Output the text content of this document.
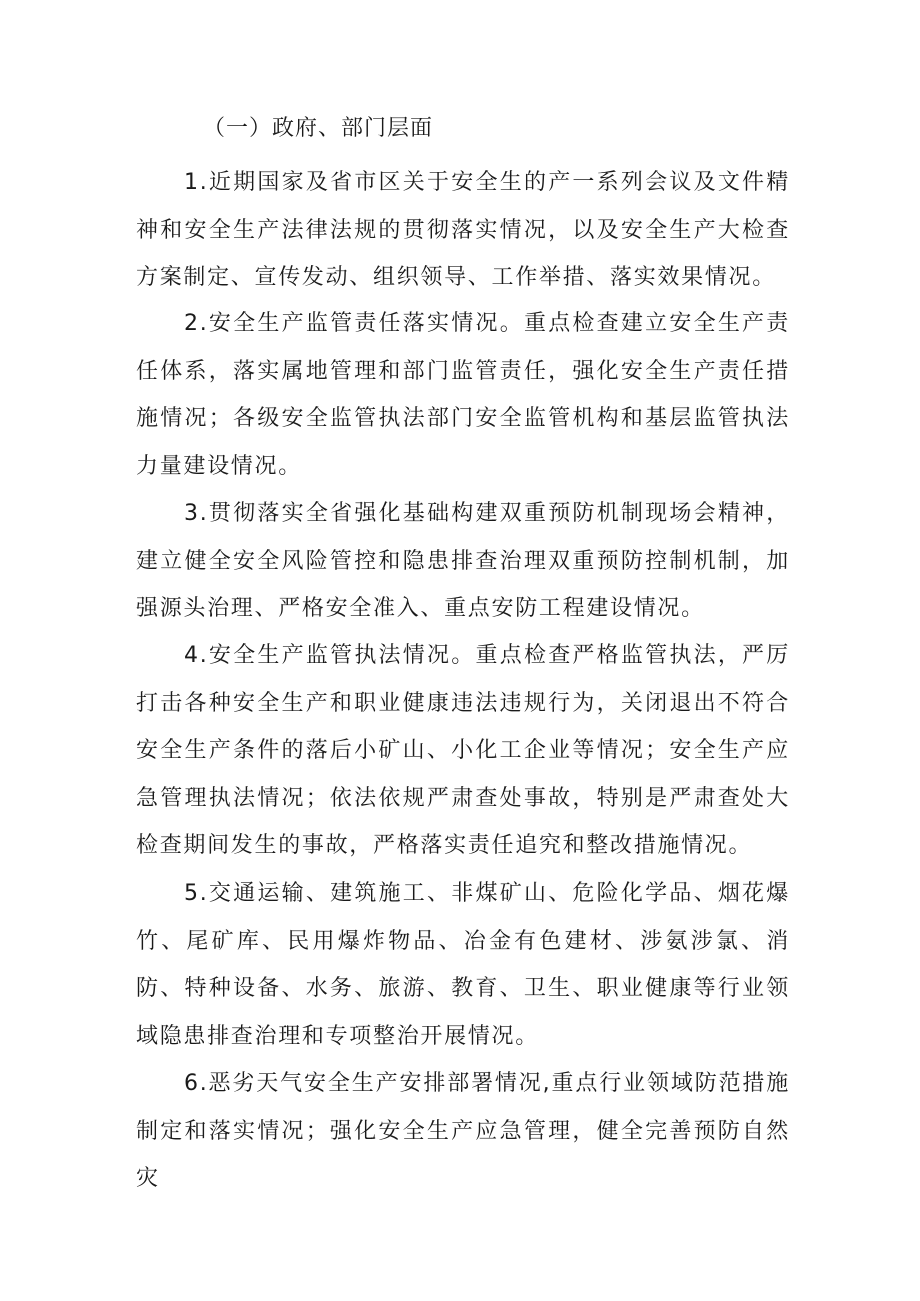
（一）政府、部门层面

1.近期国家及省市区关于安全生的产一系列会议及文件精神和安全生产法律法规的贯彻落实情况，以及安全生产大检查方案制定、宣传发动、组织领导、工作举措、落实效果情况。

2.安全生产监管责任落实情况。重点检查建立安全生产责任体系，落实属地管理和部门监管责任，强化安全生产责任措施情况；各级安全监管执法部门安全监管机构和基层监管执法力量建设情况。

3.贯彻落实全省强化基础构建双重预防机制现场会精神，建立健全安全风险管控和隐患排查治理双重预防控制机制，加强源头治理、严格安全准入、重点安防工程建设情况。

4.安全生产监管执法情况。重点检查严格监管执法，严厉打击各种安全生产和职业健康违法违规行为，关闭退出不符合安全生产条件的落后小矿山、小化工企业等情况；安全生产应急管理执法情况；依法依规严肃查处事故，特别是严肃查处大检查期间发生的事故，严格落实责任追究和整改措施情况。

5.交通运输、建筑施工、非煤矿山、危险化学品、烟花爆竹、尾矿库、民用爆炸物品、冶金有色建材、涉氨涉氯、消防、特种设备、水务、旅游、教育、卫生、职业健康等行业领域隐患排查治理和专项整治开展情况。

6.恶劣天气安全生产安排部署情况,重点行业领域防范措施制定和落实情况；强化安全生产应急管理，健全完善预防自然灾
